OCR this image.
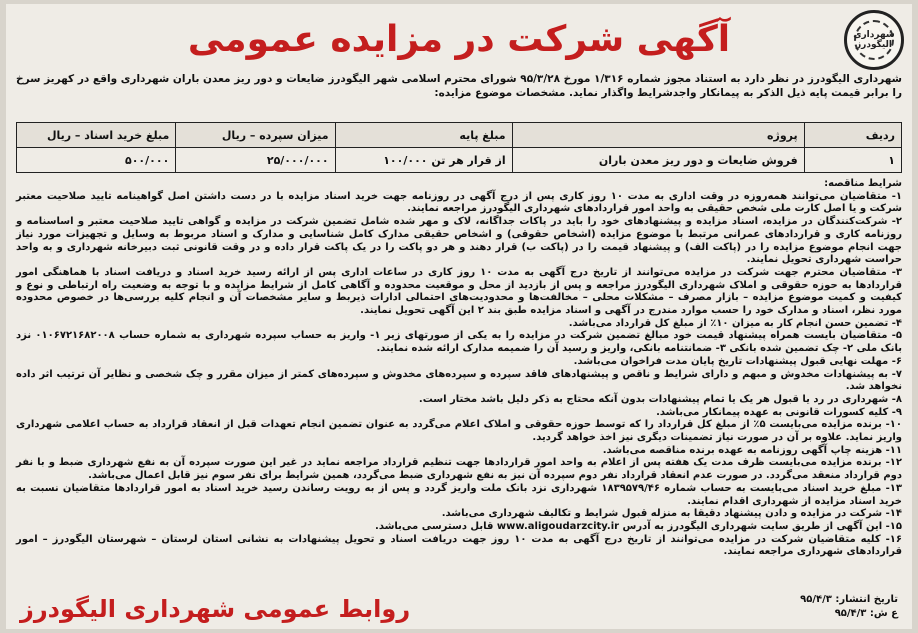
شهرداری الیگودرز
آگهی شرکت در مزایده عمومی
شهرداری الیگودرز در نظر دارد به استناد مجوز شماره ۱/۳۱۶ مورخ ۹۵/۳/۲۸ شورای محترم اسلامی شهر الیگودرز ضایعات و دور ریز معدن باران شهرداری واقع در کهریز سرخ را برابر قیمت پایه ذیل الذکر به پیمانکار واجدشرایط واگذار نماید. مشخصات موضوع مزایده:
ردیف	پروژه	مبلغ پایه	میزان سپرده – ریال	مبلغ خرید اسناد – ریال
۱	فروش ضایعات و دور ریز معدن باران	از قرار هر تن ۱۰۰/۰۰۰	۲۵/۰۰۰/۰۰۰	۵۰۰/۰۰۰

شرایط مناقصه:

۱- متقاضیان می‌توانند همه‌روزه در وقت اداری به مدت ۱۰ روز کاری پس از درج آگهی در روزنامه جهت خرید اسناد مزایده با در دست داشتن اصل گواهینامه تایید صلاحیت معتبر شرکت و یا اصل کارت ملی شخص حقیقی به واحد امور قراردادهای شهرداری الیگودرز مراجعه نمایند.

۲- شرکت‌کنندگان در مزایده، اسناد مزایده و پیشنهادهای خود را باید در پاکات جداگانه، لاک و مهر شده شامل تضمین شرکت در مزایده و گواهی تایید صلاحیت معتبر و اساسنامه و روزنامه کاری و قراردادهای عمرانی مرتبط با موضوع مزایده (اشخاص حقوقی) و اشخاص حقیقی مدارک کامل شناسایی و مدارک و اسناد مربوط به وسایل و تجهیزات مورد نیاز جهت انجام موضوع مزایده را در (پاکت الف) و پیشنهاد قیمت را در (پاکت ب) قرار دهند و هر دو پاکت را در یک پاکت قرار داده و در وقت قانونی ثبت دبیرخانه شهرداری و به واحد حراست شهرداری تحویل نمایند.

۳- متقاضیان محترم جهت شرکت در مزایده می‌توانند از تاریخ درج آگهی به مدت ۱۰ روز کاری در ساعات اداری پس از ارائه رسید خرید اسناد و دریافت اسناد با هماهنگی امور قراردادها به حوزه حقوقی و املاک شهرداری الیگودرز مراجعه و پس از بازدید از محل و موقعیت محدوده و آگاهی کامل از شرایط مزایده و با توجه به وضعیت راه ارتباطی و نوع و کیفیت و کمیت موضوع مزایده – بازار مصرف – مشکلات محلی – مخالفت‌ها و محدودیت‌های احتمالی ادارات ذیربط و سایر مشخصات آن و انجام کلیه بررسی‌ها در خصوص محدوده مورد نظر، اسناد و مدارک خود را حسب موارد مندرج در آگهی و اسناد مزایده طبق بند ۲ این آگهی تحویل نمایند.

۴- تضمین حسن انجام کار به میزان ۱۰٪ از مبلغ کل قرارداد می‌باشد.

۵- متقاضیان بایست همراه پیشنهاد قیمت خود مبالغ تضمین شرکت در مزایده را به یکی از صورتهای زیر ۱- واریز به حساب سپرده شهرداری به شماره حساب ۰۱۰۶۷۲۱۶۸۲۰۰۸ نزد بانک ملی ۲- چک تضمین شده بانکی ۳- ضمانتنامه بانکی، واریز و رسید آن را ضمیمه مدارک ارائه شده نمایند.

۶- مهلت نهایی قبول پیشنهادات تاریخ پایان مدت فراخوان می‌باشد.

۷- به پیشنهادات مخدوش و مبهم و دارای شرایط و ناقص و پیشنهادهای فاقد سپرده و سپرده‌های مخدوش و سپرده‌های کمتر از میزان مقرر و چک شخصی و نظایر آن ترتیب اثر داده نخواهد شد.

۸- شهرداری در رد یا قبول هر یک یا تمام پیشنهادات بدون آنکه محتاج به ذکر دلیل باشد مختار است.

۹- کلیه کسورات قانونی به عهده پیمانکار می‌باشد.

۱۰- برنده مزایده می‌بایست ۵٪ از مبلغ کل قرارداد را که توسط حوزه حقوقی و املاک اعلام می‌گردد به عنوان تضمین انجام تعهدات قبل از انعقاد قرارداد به حساب اعلامی شهرداری واریز نماید. علاوه بر آن در صورت نیاز تضمینات دیگری نیز اخذ خواهد گردید.

۱۱- هزینه چاپ آگهی روزنامه به عهده برنده مناقصه می‌باشد.

۱۲- برنده مزایده می‌بایست ظرف مدت یک هفته پس از اعلام به واحد امور قراردادها جهت تنظیم قرارداد مراجعه نماید در غیر این صورت سپرده آن به نفع شهرداری ضبط و با نفر دوم قرارداد منعقد می‌گردد. در صورت عدم انعقاد قرارداد نفر دوم سپرده آن نیز به نفع شهرداری ضبط می‌گردد، همین شرایط برای نفر سوم نیز قابل اعمال می‌باشد.

۱۳- مبلغ خرید اسناد می‌بایست به حساب شماره ۱۸۳۹۵۷۹/۴۶ شهرداری نزد بانک ملت واریز گردد و پس از به رویت رساندن رسید خرید اسناد به امور قراردادها متقاضیان نسبت به خرید اسناد مزایده از شهرداری اقدام نمایند.

۱۴- شرکت در مزایده و دادن پیشنهاد دقیقا به منزله قبول شرایط و تکالیف شهرداری می‌باشد.

۱۵- این آگهی از طریق سایت شهرداری الیگودرز به آدرس www.aligoudarzcity.ir قابل دسترسی می‌باشد.

۱۶- کلیه متقاضیان شرکت در مزایده می‌توانند از تاریخ درج آگهی به مدت ۱۰ روز جهت دریافت اسناد و تحویل پیشنهادات به نشانی استان لرستان – شهرستان الیگودرز – امور قراردادهای شهرداری مراجعه نمایند.

روابط عمومی شهرداری الیگودرز	تاریخ انتشار: ۹۵/۴/۳
ع ش: ۹۵/۴/۳
